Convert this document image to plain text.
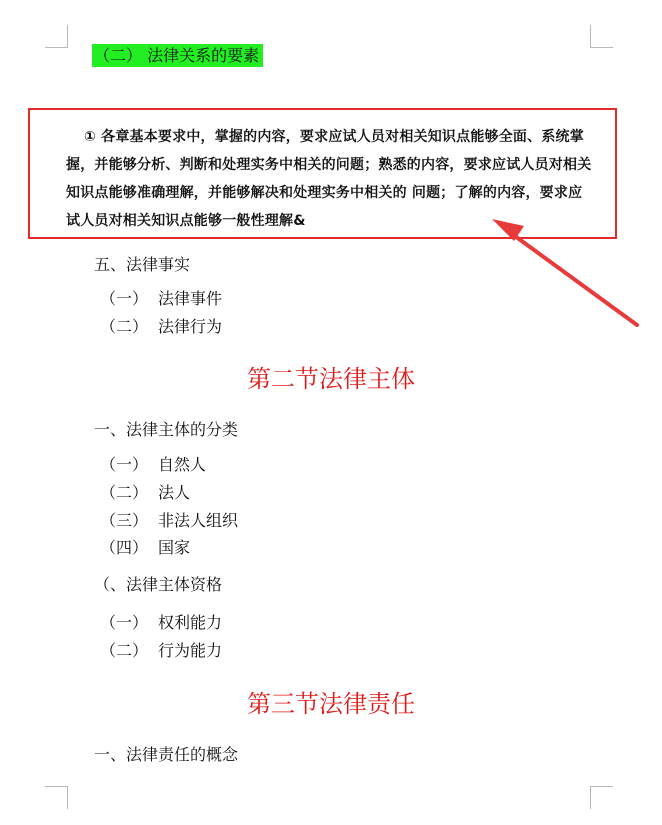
（二） 法律关系的要素
① 各章基本要求中，掌握的内容，要求应试人员对相关知识点能够全面、系统掌握，并能够分析、判断和处理实务中相关的问题；熟悉的内容，要求应试人员对相关知识点能够准确理解，并能够解决和处理实务中相关的 问题；了解的内容，要求应试人员对相关知识点能够一般性理解&
五、法律事实
（一） 法律事件
（二） 法律行为
第二节法律主体
一、法律主体的分类
（一） 自然人
（二） 法人
（三） 非法人组织
（四） 国家
（、法律主体资格
（一） 权利能力
（二） 行为能力
第三节法律责任
一、法律责任的概念
